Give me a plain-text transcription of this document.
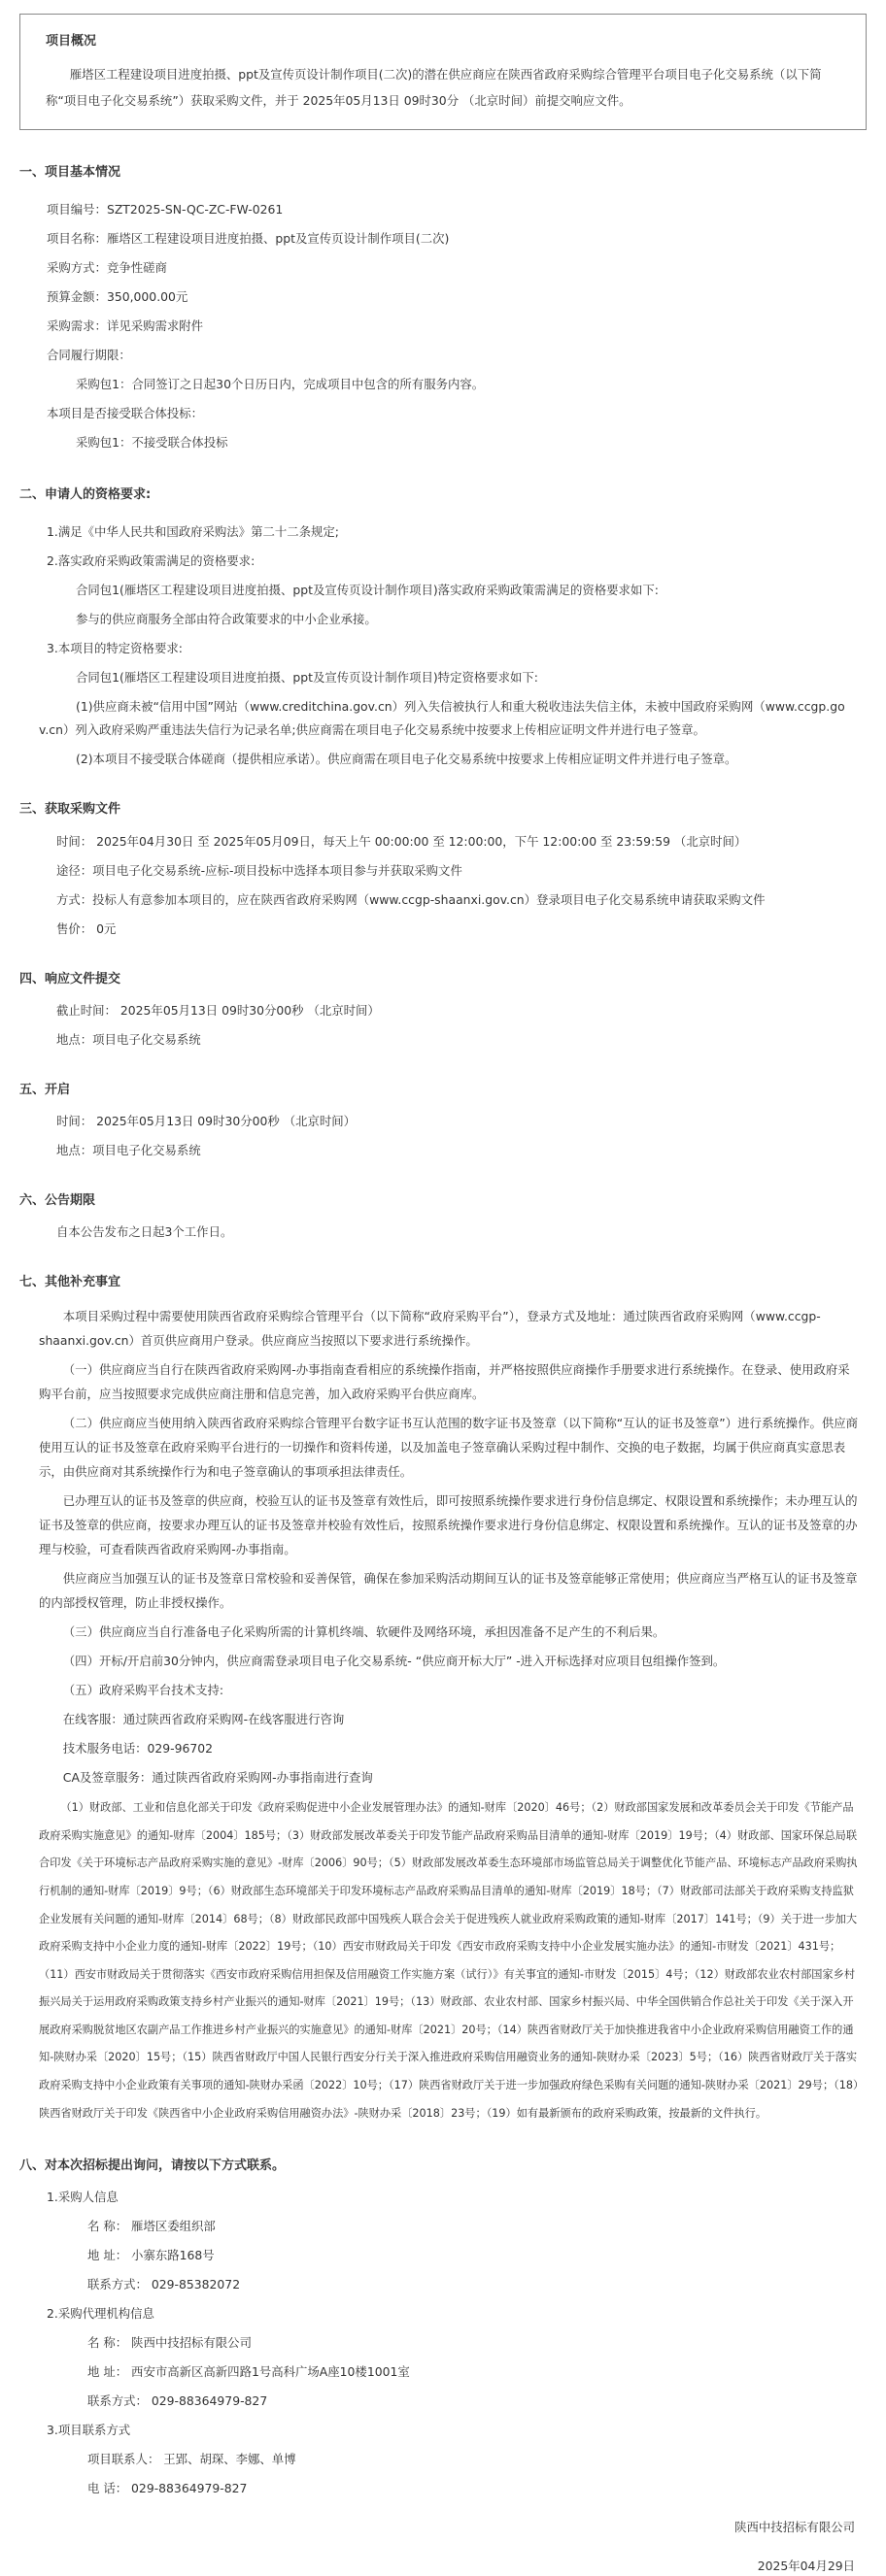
项目概况
雁塔区工程建设项目进度拍摄、ppt及宣传页设计制作项目(二次)的潜在供应商应在陕西省政府采购综合管理平台项目电子化交易系统（以下简称“项目电子化交易系统”）获取采购文件，并于 2025年05月13日 09时30分 （北京时间）前提交响应文件。
一、项目基本情况
项目编号：SZT2025-SN-QC-ZC-FW-0261
项目名称：雁塔区工程建设项目进度拍摄、ppt及宣传页设计制作项目(二次)
采购方式：竞争性磋商
预算金额：350,000.00元
采购需求：详见采购需求附件
合同履行期限：
采购包1：合同签订之日起30个日历日内，完成项目中包含的所有服务内容。
本项目是否接受联合体投标：
采购包1：不接受联合体投标
二、申请人的资格要求:
1.满足《中华人民共和国政府采购法》第二十二条规定;
2.落实政府采购政策需满足的资格要求:
合同包1(雁塔区工程建设项目进度拍摄、ppt及宣传页设计制作项目)落实政府采购政策需满足的资格要求如下:
参与的供应商服务全部由符合政策要求的中小企业承接。
3.本项目的特定资格要求:
合同包1(雁塔区工程建设项目进度拍摄、ppt及宣传页设计制作项目)特定资格要求如下:
(1)供应商未被“信用中国”网站（www.creditchina.gov.cn）列入失信被执行人和重大税收违法失信主体，未被中国政府采购网（www.ccgp.go
v.cn）列入政府采购严重违法失信行为记录名单;供应商需在项目电子化交易系统中按要求上传相应证明文件并进行电子签章。
(2)本项目不接受联合体磋商（提供相应承诺）。供应商需在项目电子化交易系统中按要求上传相应证明文件并进行电子签章。
三、获取采购文件
时间： 2025年04月30日 至 2025年05月09日，每天上午 00:00:00 至 12:00:00，下午 12:00:00 至 23:59:59 （北京时间）
途径：项目电子化交易系统-应标-项目投标中选择本项目参与并获取采购文件
方式：投标人有意参加本项目的，应在陕西省政府采购网（www.ccgp-shaanxi.gov.cn）登录项目电子化交易系统申请获取采购文件
售价： 0元
四、响应文件提交
截止时间： 2025年05月13日 09时30分00秒 （北京时间）
地点：项目电子化交易系统
五、开启
时间： 2025年05月13日 09时30分00秒 （北京时间）
地点：项目电子化交易系统
六、公告期限
自本公告发布之日起3个工作日。
七、其他补充事宜
本项目采购过程中需要使用陕西省政府采购综合管理平台（以下简称“政府采购平台”），登录方式及地址：通过陕西省政府采购网（www.ccgp-shaanxi.gov.cn）首页供应商用户登录。供应商应当按照以下要求进行系统操作。
（一）供应商应当自行在陕西省政府采购网-办事指南查看相应的系统操作指南，并严格按照供应商操作手册要求进行系统操作。在登录、使用政府采购平台前，应当按照要求完成供应商注册和信息完善，加入政府采购平台供应商库。
（二）供应商应当使用纳入陕西省政府采购综合管理平台数字证书互认范围的数字证书及签章（以下简称“互认的证书及签章”）进行系统操作。供应商使用互认的证书及签章在政府采购平台进行的一切操作和资料传递，以及加盖电子签章确认采购过程中制作、交换的电子数据，均属于供应商真实意思表示，由供应商对其系统操作行为和电子签章确认的事项承担法律责任。
已办理互认的证书及签章的供应商，校验互认的证书及签章有效性后，即可按照系统操作要求进行身份信息绑定、权限设置和系统操作；未办理互认的证书及签章的供应商，按要求办理互认的证书及签章并校验有效性后，按照系统操作要求进行身份信息绑定、权限设置和系统操作。互认的证书及签章的办理与校验，可查看陕西省政府采购网-办事指南。
供应商应当加强互认的证书及签章日常校验和妥善保管，确保在参加采购活动期间互认的证书及签章能够正常使用；供应商应当严格互认的证书及签章的内部授权管理，防止非授权操作。
（三）供应商应当自行准备电子化采购所需的计算机终端、软硬件及网络环境，承担因准备不足产生的不利后果。
（四）开标/开启前30分钟内，供应商需登录项目电子化交易系统- “供应商开标大厅” -进入开标选择对应项目包组操作签到。
（五）政府采购平台技术支持:
在线客服：通过陕西省政府采购网-在线客服进行咨询
技术服务电话：029-96702
CA及签章服务：通过陕西省政府采购网-办事指南进行查询
（1）财政部、工业和信息化部关于印发《政府采购促进中小企业发展管理办法》的通知-财库〔2020〕46号；（2）财政部国家发展和改革委员会关于印发《节能产品政府采购实施意见》的通知-财库〔2004〕185号；（3）财政部发展改革委关于印发节能产品政府采购品目清单的通知-财库〔2019〕19号；（4）财政部、国家环保总局联合印发《关于环境标志产品政府采购实施的意见》-财库〔2006〕90号；（5）财政部发展改革委生态环境部市场监管总局关于调整优化节能产品、环境标志产品政府采购执行机制的通知-财库〔2019〕9号；（6）财政部生态环境部关于印发环境标志产品政府采购品目清单的通知-财库〔2019〕18号；（7）财政部司法部关于政府采购支持监狱企业发展有关问题的通知-财库〔2014〕68号；（8）财政部民政部中国残疾人联合会关于促进残疾人就业政府采购政策的通知-财库〔2017〕141号；（9）关于进一步加大政府采购支持中小企业力度的通知-财库〔2022〕19号；（10）西安市财政局关于印发《西安市政府采购支持中小企业发展实施办法》的通知-市财发〔2021〕431号；（11）西安市财政局关于贯彻落实《西安市政府采购信用担保及信用融资工作实施方案（试行）》有关事宜的通知-市财发〔2015〕4号；（12）财政部农业农村部国家乡村振兴局关于运用政府采购政策支持乡村产业振兴的通知-财库〔2021〕19号；（13）财政部、农业农村部、国家乡村振兴局、中华全国供销合作总社关于印发《关于深入开展政府采购脱贫地区农副产品工作推进乡村产业振兴的实施意见》的通知-财库〔2021〕20号；（14）陕西省财政厅关于加快推进我省中小企业政府采购信用融资工作的通知-陕财办采〔2020〕15号；（15）陕西省财政厅中国人民银行西安分行关于深入推进政府采购信用融资业务的通知-陕财办采〔2023〕5号；（16）陕西省财政厅关于落实政府采购支持中小企业政策有关事项的通知-陕财办采函〔2022〕10号；（17）陕西省财政厅关于进一步加强政府绿色采购有关问题的通知-陕财办采〔2021〕29号；（18）陕西省财政厅关于印发《陕西省中小企业政府采购信用融资办法》-陕财办采〔2018〕23号；（19）如有最新颁布的政府采购政策，按最新的文件执行。
八、对本次招标提出询问，请按以下方式联系。
1.采购人信息
名 称： 雁塔区委组织部
地 址： 小寨东路168号
联系方式： 029-85382072
2.采购代理机构信息
名 称： 陕西中技招标有限公司
地 址： 西安市高新区高新四路1号高科广场A座10楼1001室
联系方式： 029-88364979-827
3.项目联系方式
项目联系人： 王郢、胡琛、李娜、单博
电 话： 029-88364979-827
陕西中技招标有限公司
2025年04月29日
